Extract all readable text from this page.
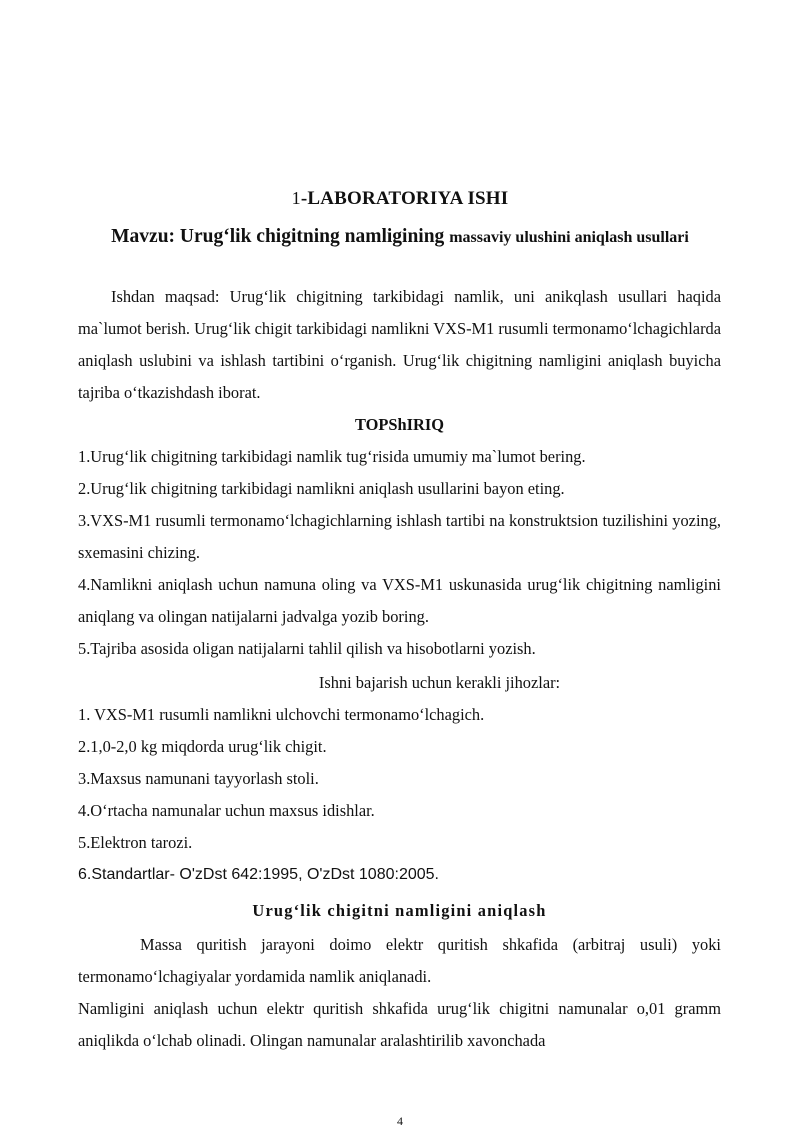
1-LABORATORIYA ISHI
Mavzu: Urug‘lik chigitning namligining massaviy ulushini aniqlash usullari

Ishdan maqsad: Urug‘lik chigitning tarkibidagi namlik, uni anikqlash usullari haqida ma`lumot berish. Urug‘lik chigit tarkibidagi namlikni VXS-M1 rusumli termonamo‘lchagichlarda aniqlash uslubini va ishlash tartibini o‘rganish. Urug‘lik chigitning namligini aniqlash buyicha tajriba o‘tkazishdash iborat.

TOPShIRIQ

1.Urug‘lik chigitning tarkibidagi namlik tug‘risida umumiy ma`lumot bering.

2.Urug‘lik chigitning tarkibidagi namlikni aniqlash usullarini bayon eting.

3.VXS-M1 rusumli termonamo‘lchagichlarning ishlash tartibi na konstruktsion tuzilishini yozing, sxemasini chizing.

4.Namlikni aniqlash uchun namuna oling va VXS-M1 uskunasida urug‘lik chigitning namligini aniqlang va olingan natijalarni jadvalga yozib boring.

5.Tajriba asosida oligan natijalarni tahlil qilish va hisobotlarni yozish.

Ishni bajarish uchun kerakli jihozlar:

1. VXS-M1 rusumli namlikni ulchovchi termonamo‘lchagich.

2.1,0-2,0 kg miqdorda urug‘lik chigit.

3.Maxsus namunani tayyorlash stoli.

4.O‘rtacha namunalar uchun maxsus idishlar.

5.Elektron tarozi.

6.Standartlar- O'zDst 642:1995, O'zDst 1080:2005.

Urug‘lik chigitni namligini aniqlash

Massa quritish jarayoni doimo elektr quritish shkafida (arbitraj usuli) yoki termonamo‘lchagiyalar yordamida namlik aniqlanadi.

Namligini aniqlash uchun elektr quritish shkafida urug‘lik chigitni namunalar o,01 gramm aniqlikda o‘lchab olinadi. Olingan namunalar aralashtirilib xavonchada

4
